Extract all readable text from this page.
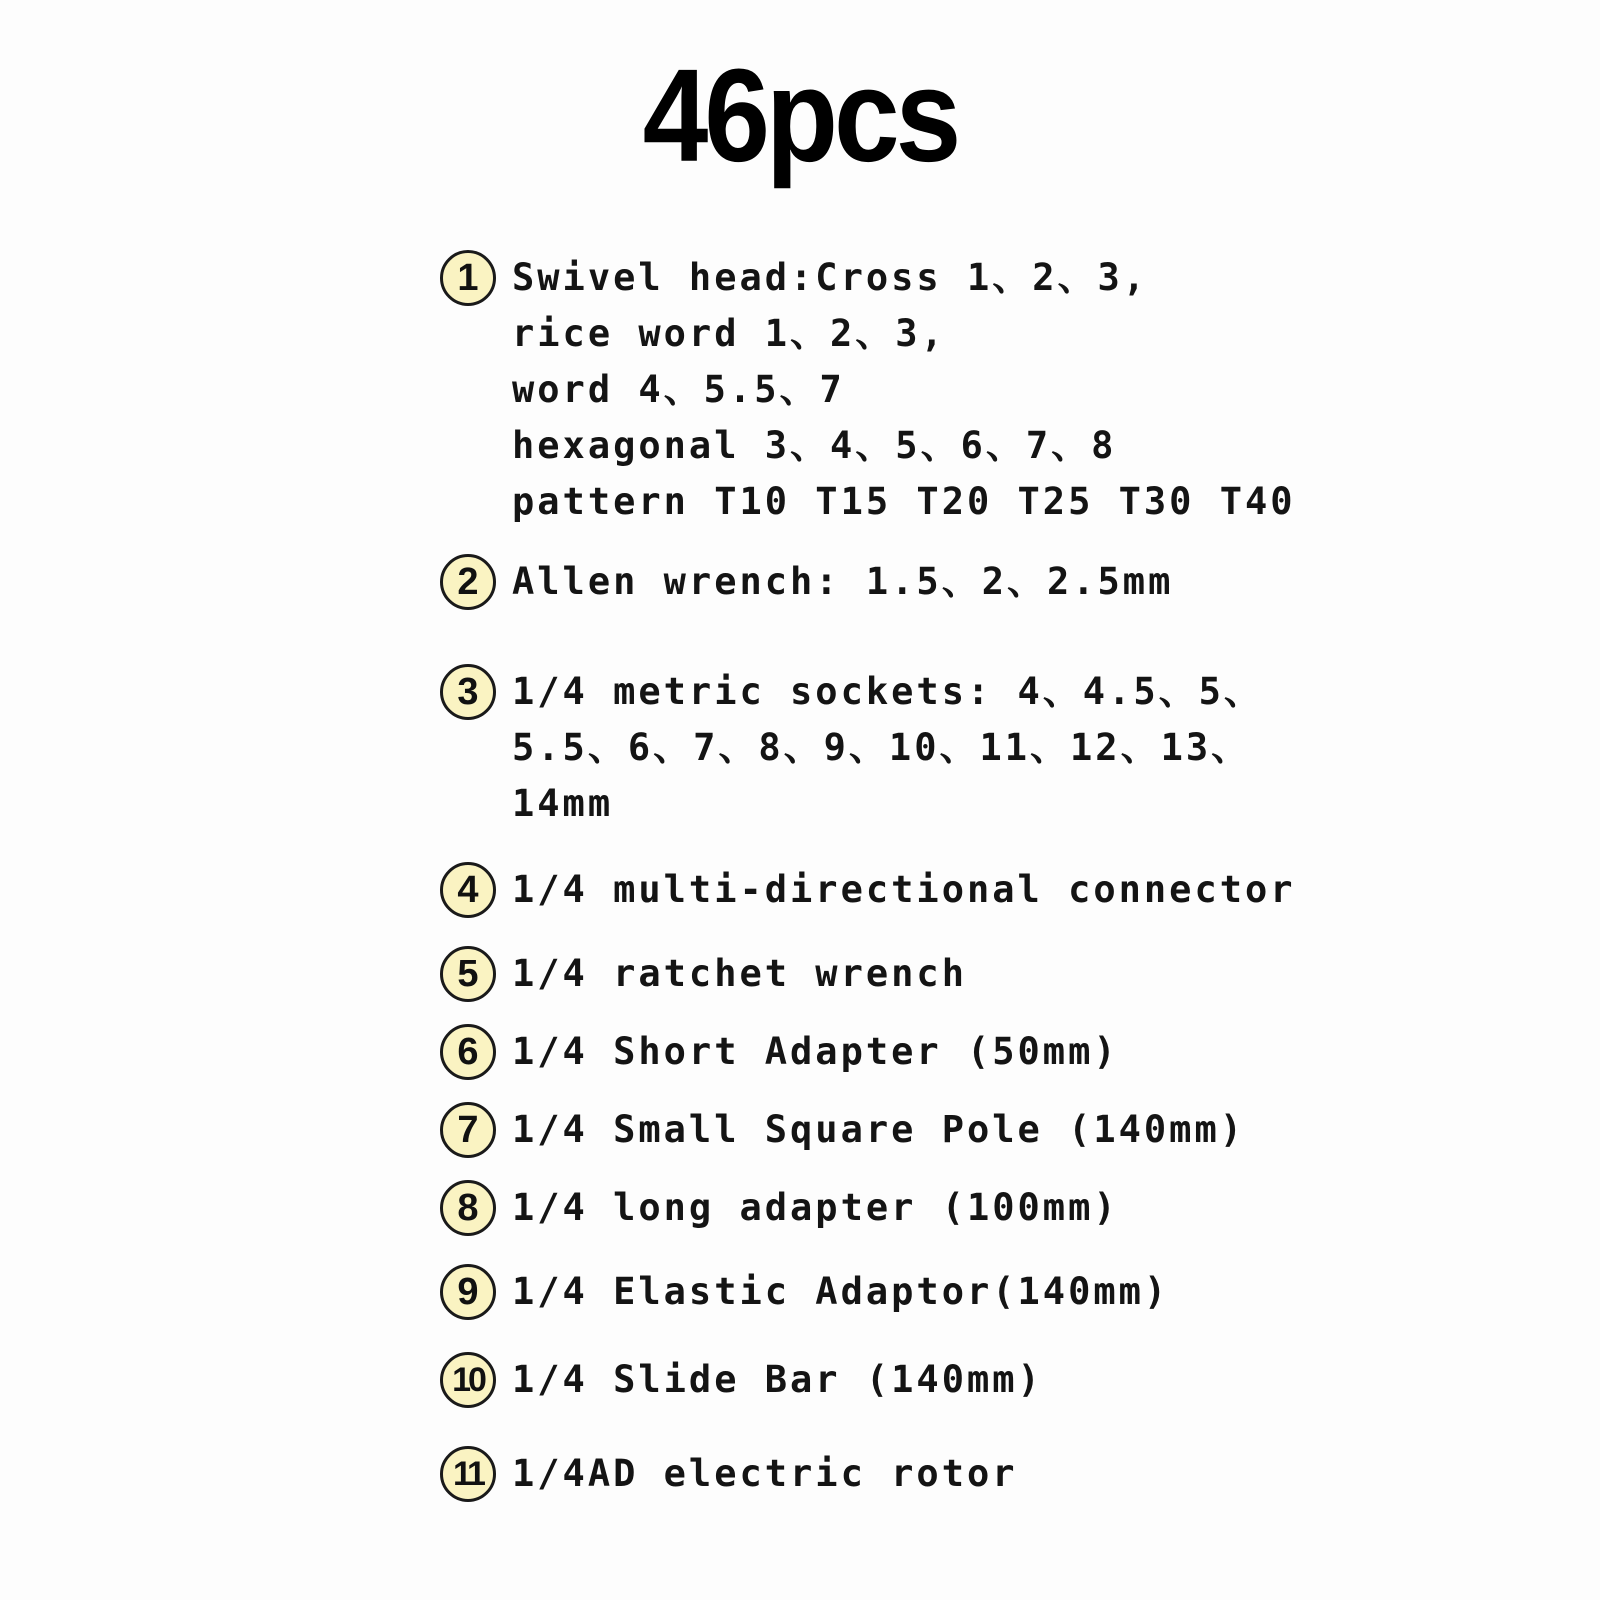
46pcs
1 Swivel head:Cross 1、2、3,
rice word 1、2、3,
word 4、5.5、7
hexagonal 3、4、5、6、7、8
pattern T10 T15 T20 T25 T30 T40
2 Allen wrench: 1.5、2、2.5mm
3 1/4 metric sockets: 4、4.5、5、
5.5、6、7、8、9、10、11、12、13、
14mm
4 1/4 multi-directional connector
5 1/4 ratchet wrench
6 1/4 Short Adapter (50mm)
7 1/4 Small Square Pole (140mm)
8 1/4 long adapter (100mm)
9 1/4 Elastic Adaptor(140mm)
10 1/4 Slide Bar (140mm)
11 1/4AD electric rotor
